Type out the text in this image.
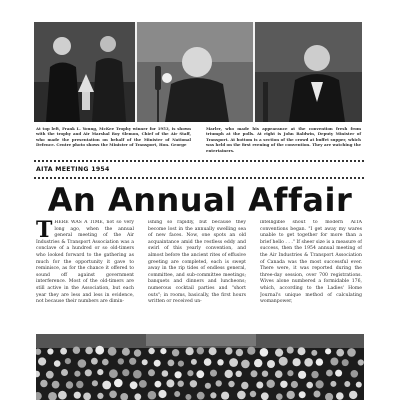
At top left, Frank L. Young, McKee Trophy winner for 1953, is shown with the trophy and Air Marshal Roy Slemon, Chief of the Air Staff, who made the presentation on behalf of the Minister of National Defence. Centre photo shows the Minister of Transport, Hon. George

Marler, who made his appearance at the convention fresh from triumph at the polls. At right is John Baldwin, Deputy Minister of Transport. At bottom is a section of the crowd at buffet supper, which was held on the first evening of the convention. They are watching the entertainers.

AITA MEETING 1954
An Annual Affair

THERE WAS A TIME, not so very long ago, when the annual general meeting of the Air Industries & Transport Association was a conclave of a hundred or so old-timers who looked forward to the gathering as much for the opportunity it gave to reminisce, as for the chance it offered to sound off against government interference. Most of the old-timers are still active in the Association, but each year they are less and less in evidence, not because their numbers are dimin-

ishing so rapidly, but because they become lost in the annually swelling sea of new faces. Now, one spots an old acquaintance amid the restless eddy and swirl of this yearly convention, and almost before the ancient rites of effusive greeting are completed, each is swept away in the rip tides of endless general, committee, and sub-committee meetings; banquets and dinners and luncheons; numerous cocktail parties and "short outs"; in rooms, basically, the first hours written or received un-

intelligible shout to modern AITA conventions began. "I get away my wares unable to get together for more than a brief hello . . ." If sheer size is a measure of success, then the 1954 annual meeting of the Air Industries & Transport Association of Canada was the most successful ever. There were, it was reported during the three-day session, over 700 registrations. Wives alone numbered a formidable 176, which, according to the Ladies' Home Journal's unique method of calculating womanpower,
